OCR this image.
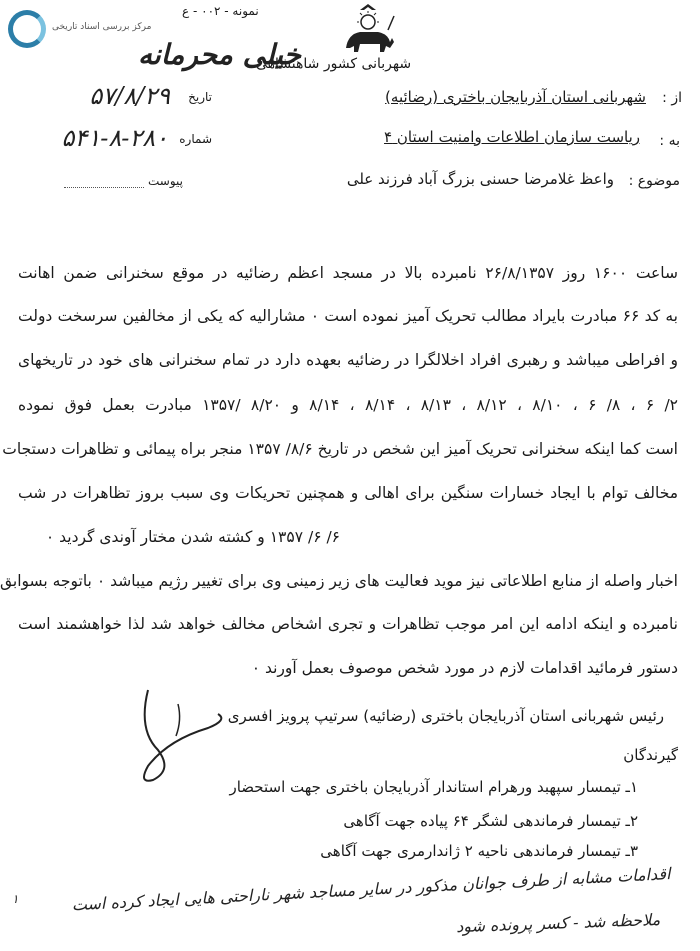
مرکز بررسی اسناد تاریخی
نمونه - ۰۰۲ - ع
شهربانی کشور شاهنشاهی
خیلی محرمانه
تاریخ
۵۷/۸/۲۹
شماره
۵۴۱-۸-۲۸۰
پیوست
از :
شهربانی استان آذربایجان باختری (رضائیه)
به :
ریاست سازمان اطلاعات وامنیت استان ۴
موضوع :
واعظ غلامرضا حسنی بزرگ آباد فرزند علی
ساعت ۱۶۰۰ روز ۲۶/۸/۱۳۵۷ نامبرده بالا در مسجد اعظم رضائیه در موقع سخنرانی ضمن اهانت
به کد ۶۶ مبادرت بایراد مطالب تحریک آمیز نموده است ۰ مشارالیه که یکی از مخالفین سرسخت دولت
و افراطی میباشد و رهبری افراد اخلالگرا در رضائیه بعهده دارد در تمام سخنرانی های خود در تاریخهای
۲/ ۶ ، ۸/ ۶ ، ۸/۱۰ ، ۸/۱۲ ، ۸/۱۳ ، ۸/۱۴ ، ۸/۱۴ و ۸/۲۰ /۱۳۵۷ مبادرت بعمل فوق نموده
است کما اینکه سخنرانی تحریک آمیز این شخص در تاریخ ۸/۶/ ۱۳۵۷ منجر براه پیمائی و تظاهرات دستجات
مخالف توام با ایجاد خسارات سنگین برای اهالی و همچنین تحریکات وی سبب بروز تظاهرات در شب
۶/ ۶/ ۱۳۵۷ و کشته شدن مختار آوندی گردید ۰
اخبار واصله از منابع اطلاعاتی نیز موید فعالیت های زیر زمینی وی برای تغییر رژیم میباشد ۰ باتوجه بسوابق
نامبرده و اینکه ادامه این امر موجب تظاهرات و تجری اشخاص مخالف خواهد شد لذا خواهشمند است
دستور فرمائید اقدامات لازم در مورد شخص موصوف بعمل آورند ۰
رئیس شهربانی استان آذربایجان باختری (رضائیه) سرتیپ پرویز افسری
گیرندگان
۱ـ تیمسار سپهبد ورهرام استاندار آذربایجان باختری جهت استحضار
۲ـ تیمسار فرماندهی لشگر ۶۴ پیاده جهت آگاهی
۳ـ تیمسار فرماندهی ناحیه ۲ ژاندارمری جهت آگاهی
اقدامات مشابه از طرف جوانان مذکور در ساير مساجد شهر ناراحتی هایی ایجاد کرده است
ملاحظه شد - کسر پرونده شود
۱
